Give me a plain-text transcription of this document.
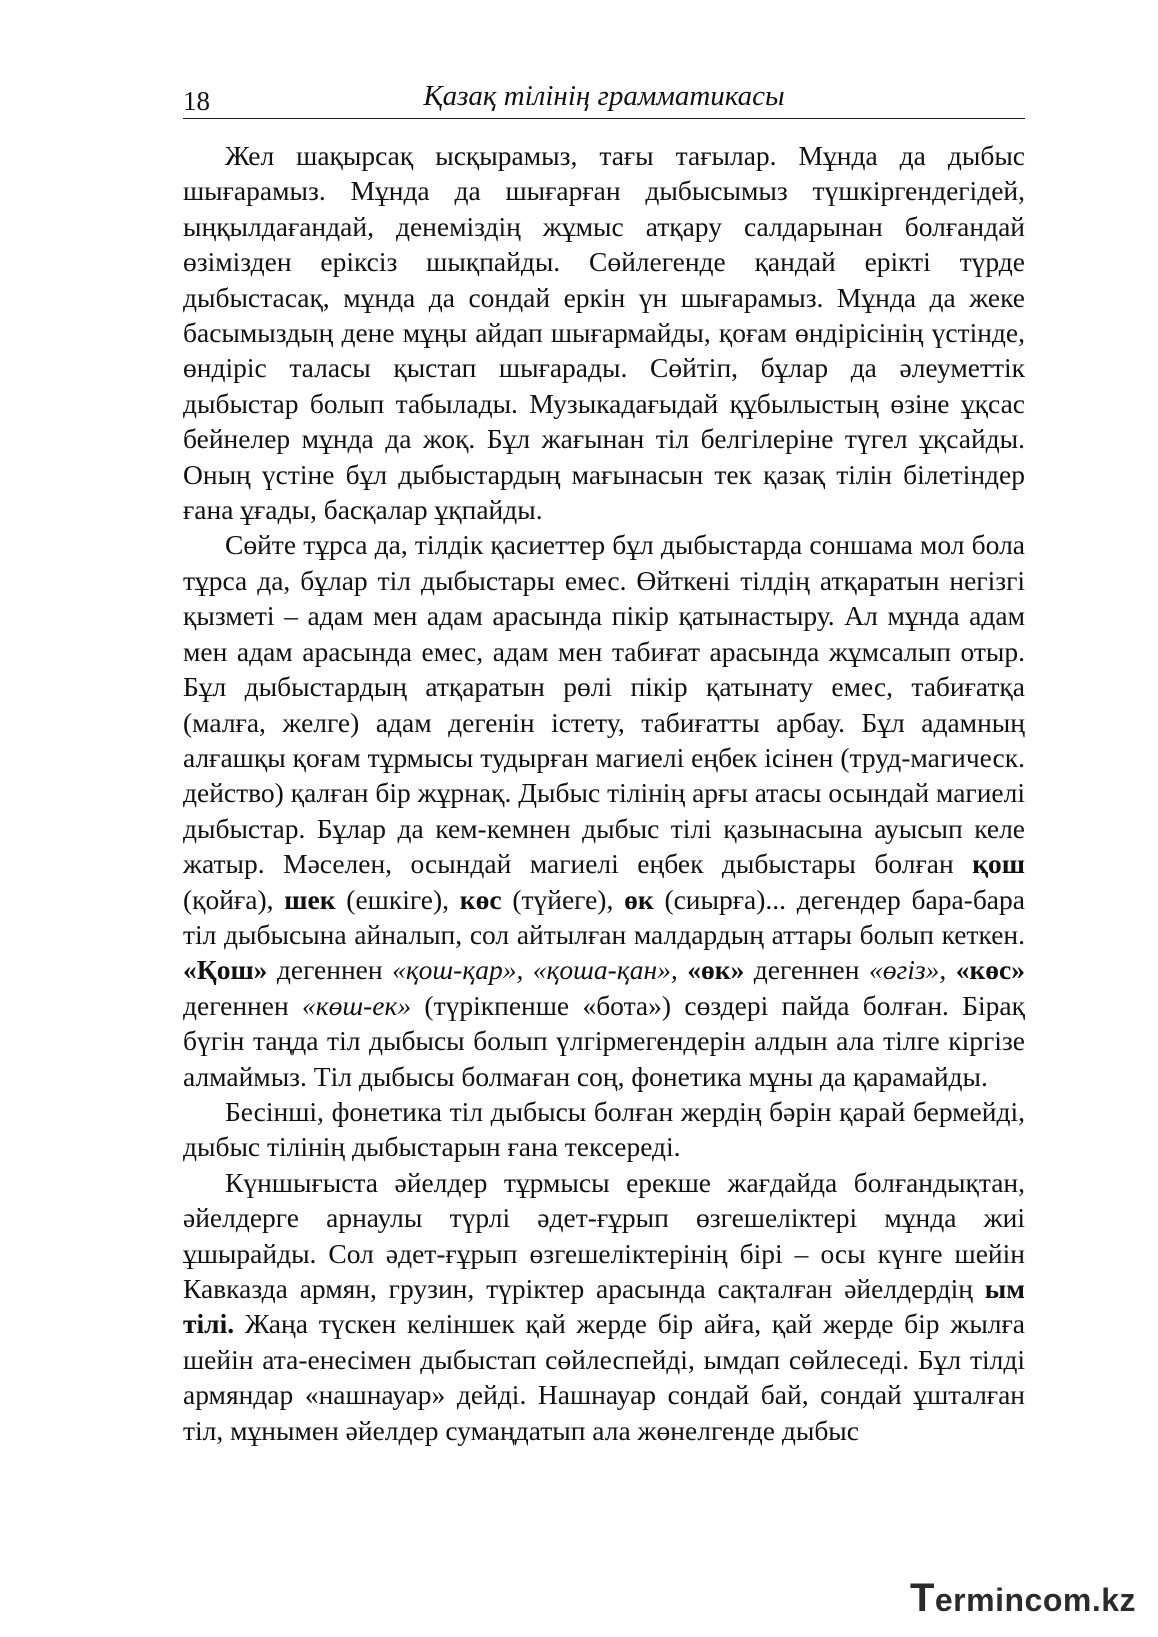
18	Қазақ тілінің грамматикасы

Жел шақырсақ ысқырамыз, тағы тағылар. Мұнда да дыбыс шығарамыз. Мұнда да шығарған дыбысымыз түшкіргендегідей, ыңқылдағандай, денеміздің жұмыс атқару салдарынан болғандай өзімізден еріксіз шықпайды. Сөйлегенде қандай ерікті түрде дыбыстасақ, мұнда да сондай еркін үн шығарамыз. Мұнда да жеке басымыздың дене мұңы айдап шығармайды, қоғам өндірісінің үстінде, өндіріс таласы қыстап шығарады. Сөйтіп, бұлар да әлеуметтік дыбыстар болып табылады. Музыкадағыдай құбылыстың өзіне ұқсас бейнелер мұнда да жоқ. Бұл жағынан тіл белгілеріне түгел ұқсайды. Оның үстіне бұл дыбыстардың мағынасын тек қазақ тілін білетіндер ғана ұғады, басқалар ұқпайды.

Сөйте тұрса да, тілдік қасиеттер бұл дыбыстарда соншама мол бола тұрса да, бұлар тіл дыбыстары емес. Өйткені тілдің атқаратын негізгі қызметі – адам мен адам арасында пікір қатынастыру. Ал мұнда адам мен адам арасында емес, адам мен табиғат арасында жұмсалып отыр. Бұл дыбыстардың атқаратын рөлі пікір қатынату емес, табиғатқа (малға, желге) адам дегенін істету, табиғатты арбау. Бұл адамның алғашқы қоғам тұрмысы тудырған магиелі еңбек ісінен (труд-магическ. действо) қалған бір жұрнақ. Дыбыс тілінің арғы атасы осындай магиелі дыбыстар. Бұлар да кем-кемнен дыбыс тілі қазынасына ауысып келе жатыр. Мәселен, осындай магиелі еңбек дыбыстары болған қош (қойға), шек (ешкіге), көс (түйеге), өк (сиырға)... дегендер бара-бара тіл дыбысына айналып, сол айтылған малдардың аттары болып кеткен. «Қош» дегеннен «қош-қар», «қоша-қан», «өк» дегеннен «өгіз», «көс» дегеннен «көш-ек» (түрікпенше «бота») сөздері пайда болған. Бірақ бүгін таңда тіл дыбысы болып үлгірмегендерін алдын ала тілге кіргізе алмаймыз. Тіл дыбысы болмаған соң, фонетика мұны да қарамайды.

Бесінші, фонетика тіл дыбысы болған жердің бәрін қарай бермейді, дыбыс тілінің дыбыстарын ғана тексереді.

Күншығыста әйелдер тұрмысы ерекше жағдайда болғандықтан, әйелдерге арнаулы түрлі әдет-ғұрып өзгешеліктері мұнда жиі ұшырайды. Сол әдет-ғұрып өзгешеліктерінің бірі – осы күнге шейін Кавказда армян, грузин, түріктер арасында сақталған әйелдердің ым тілі. Жаңа түскен келіншек қай жерде бір айға, қай жерде бір жылға шейін ата-енесімен дыбыстап сөйлеспейді, ымдап сөйлеседі. Бұл тілді армяндар «нашнауар» дейді. Нашнауар сондай бай, сондай ұшталған тіл, мұнымен әйелдер сумаңдатып ала жөнелгенде дыбыс

Termincom.kz
